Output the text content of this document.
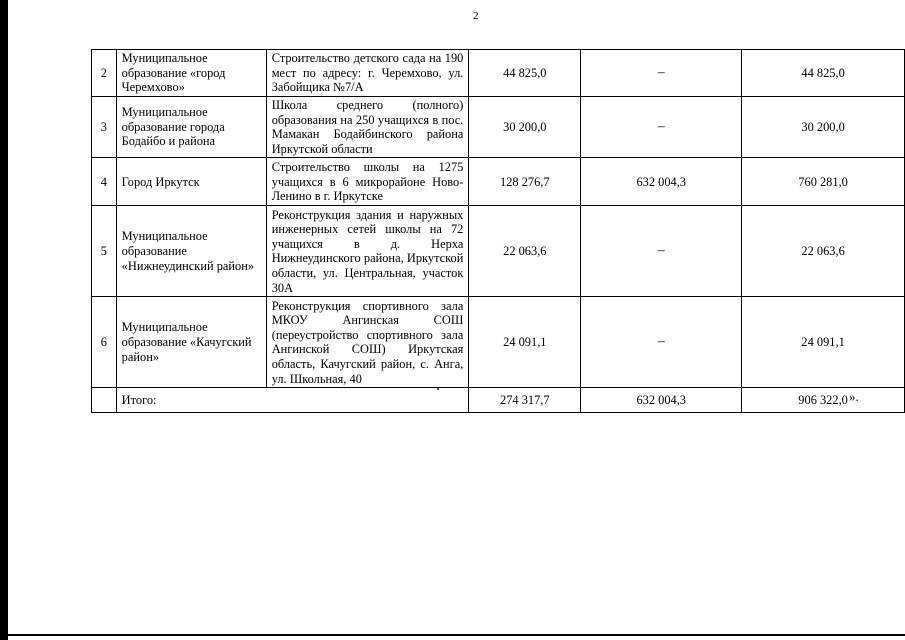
2
2	Муниципальное образование «город Черемхово»	Строительство детского сада на 190 мест по адресу: г. Черемхово, ул. Забойщика №7/А	44 825,0	–	44 825,0
3	Муниципальное образование города Бодайбо и района	Школа среднего (полного) образования на 250 учащихся в пос. Мамакан Бодайбинского района Иркутской области	30 200,0	–	30 200,0
4	Город Иркутск	Строительство школы на 1275 учащихся в 6 микрорайоне Ново-Ленино в г. Иркутске	128 276,7	632 004,3	760 281,0
5	Муниципальное образование «Нижнеудинский район»	Реконструкция здания и наружных инженерных сетей школы на 72 учащихся в д. Нерха Нижнеудинского района, Иркутской области, ул. Центральная, участок 30А	22 063,6	–	22 063,6
6	Муниципальное образование «Качугский район»	Реконструкция спортивного зала МКОУ Ангинская СОШ (переустройство спортивного зала Ангинской СОШ) Иркутская область, Качугский район, с. Анга, ул. Школьная, 40	24 091,1	–	24 091,1
	Итого:		274 317,7	632 004,3	906 322,0 ».
